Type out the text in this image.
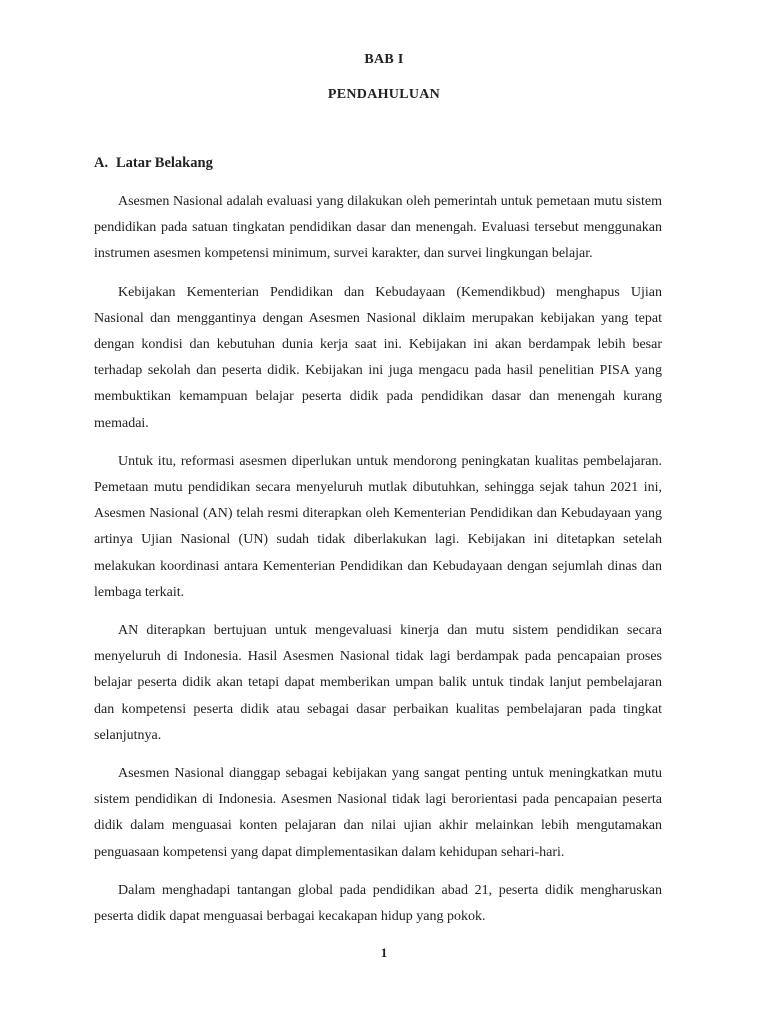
BAB I
PENDAHULUAN
A. Latar Belakang

Asesmen Nasional adalah evaluasi yang dilakukan oleh pemerintah untuk pemetaan mutu sistem pendidikan pada satuan tingkatan pendidikan dasar dan menengah. Evaluasi tersebut menggunakan instrumen asesmen kompetensi minimum, survei karakter, dan survei lingkungan belajar.

Kebijakan Kementerian Pendidikan dan Kebudayaan (Kemendikbud) menghapus Ujian Nasional dan menggantinya dengan Asesmen Nasional diklaim merupakan kebijakan yang tepat dengan kondisi dan kebutuhan dunia kerja saat ini. Kebijakan ini akan berdampak lebih besar terhadap sekolah dan peserta didik. Kebijakan ini juga mengacu pada hasil penelitian PISA yang membuktikan kemampuan belajar peserta didik pada pendidikan dasar dan menengah kurang memadai.

Untuk itu, reformasi asesmen diperlukan untuk mendorong peningkatan kualitas pembelajaran. Pemetaan mutu pendidikan secara menyeluruh mutlak dibutuhkan, sehingga sejak tahun 2021 ini, Asesmen Nasional (AN) telah resmi diterapkan oleh Kementerian Pendidikan dan Kebudayaan yang artinya Ujian Nasional (UN) sudah tidak diberlakukan lagi. Kebijakan ini ditetapkan setelah melakukan koordinasi antara Kementerian Pendidikan dan Kebudayaan dengan sejumlah dinas dan lembaga terkait.

AN diterapkan bertujuan untuk mengevaluasi kinerja dan mutu sistem pendidikan secara menyeluruh di Indonesia. Hasil Asesmen Nasional tidak lagi berdampak pada pencapaian proses belajar peserta didik akan tetapi dapat memberikan umpan balik untuk tindak lanjut pembelajaran dan kompetensi peserta didik atau sebagai dasar perbaikan kualitas pembelajaran pada tingkat selanjutnya.

Asesmen Nasional dianggap sebagai kebijakan yang sangat penting untuk meningkatkan mutu sistem pendidikan di Indonesia. Asesmen Nasional tidak lagi berorientasi pada pencapaian peserta didik dalam menguasai konten pelajaran dan nilai ujian akhir melainkan lebih mengutamakan penguasaan kompetensi yang dapat dimplementasikan dalam kehidupan sehari-hari.

Dalam menghadapi tantangan global pada pendidikan abad 21, peserta didik mengharuskan peserta didik dapat menguasai berbagai kecakapan hidup yang pokok.

1
